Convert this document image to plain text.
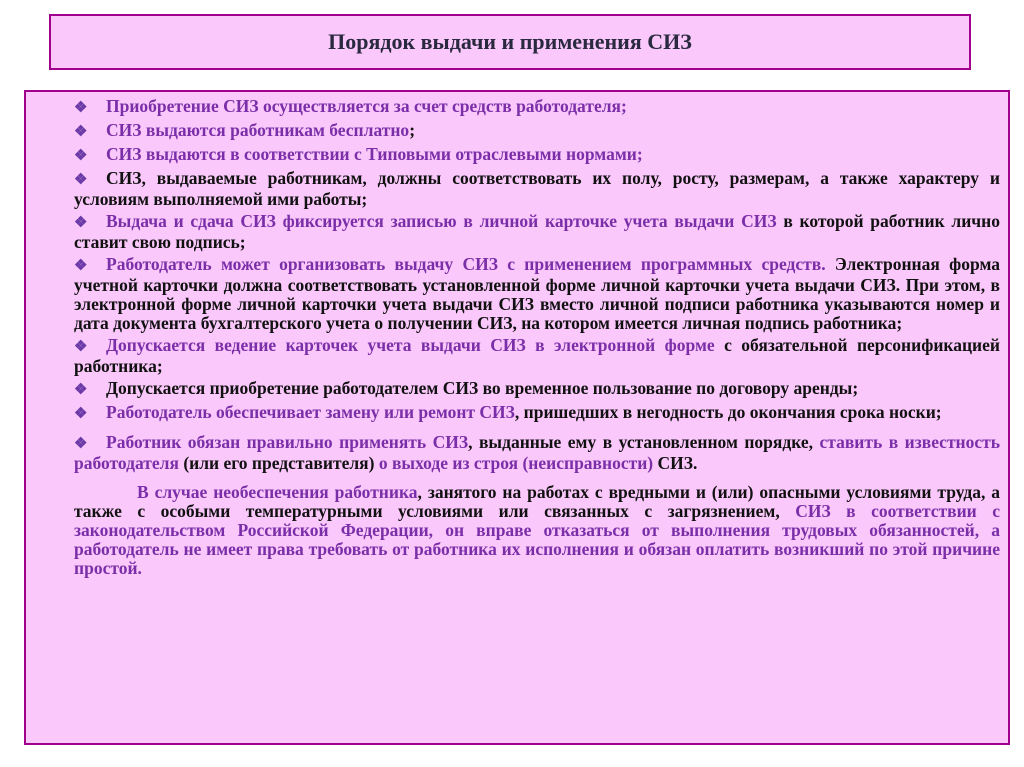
Порядок выдачи и применения СИЗ
❖ Приобретение СИЗ осуществляется за счет средств работодателя;
❖ СИЗ выдаются работникам бесплатно;
❖ СИЗ выдаются в соответствии с Типовыми отраслевыми нормами;
❖ СИЗ, выдаваемые работникам, должны соответствовать их полу, росту, размерам, а также характеру и условиям выполняемой ими работы;
❖ Выдача и сдача СИЗ фиксируется записью в личной карточке учета выдачи СИЗ в которой работник лично ставит свою подпись;
❖ Работодатель может организовать выдачу СИЗ с применением программных средств. Электронная форма учетной карточки должна соответствовать установленной форме личной карточки учета выдачи СИЗ. При этом, в электронной форме личной карточки учета выдачи СИЗ вместо личной подписи работника указываются номер и дата документа бухгалтерского учета о получении СИЗ, на котором имеется личная подпись работника;
❖ Допускается ведение карточек учета выдачи СИЗ в электронной форме с обязательной персонификацией работника;
❖ Допускается приобретение работодателем СИЗ во временное пользование по договору аренды;
❖ Работодатель обеспечивает замену или ремонт СИЗ, пришедших в негодность до окончания срока носки;
❖ Работник обязан правильно применять СИЗ, выданные ему в установленном порядке, ставить в известность работодателя (или его представителя) о выходе из строя (неисправности) СИЗ.
В случае необеспечения работника, занятого на работах с вредными и (или) опасными условиями труда, а также с особыми температурными условиями или связанных с загрязнением, СИЗ в соответствии с законодательством Российской Федерации, он вправе отказаться от выполнения трудовых обязанностей, а работодатель не имеет права требовать от работника их исполнения и обязан оплатить возникший по этой причине простой.
